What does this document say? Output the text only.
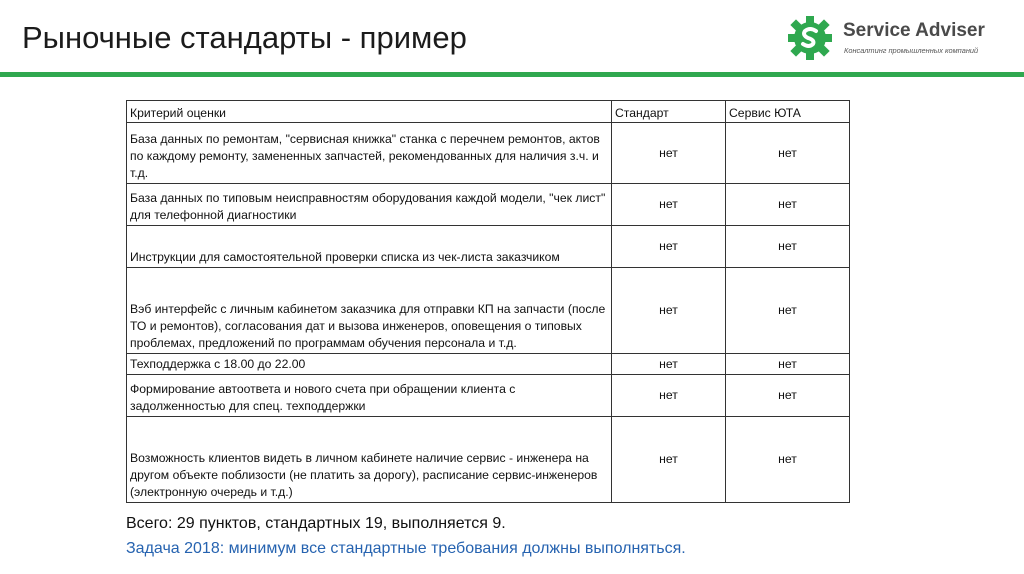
Рыночные стандарты - пример	Service Adviser
Консалтинг промышленных компаний
Критерий оценки	Стандарт	Сервис ЮТА
База данных по ремонтам, "сервисная книжка" станка с перечнем ремонтов, актов по каждому ремонту, замененных запчастей, рекомендованных для наличия з.ч. и т.д.	нет	нет
База данных по типовым неисправностям оборудования каждой модели, "чек лист" для телефонной диагностики	нет	нет
Инструкции для самостоятельной проверки списка из чек-листа заказчиком	нет	нет
Вэб интерфейс с личным кабинетом заказчика для отправки КП на запчасти (после ТО и ремонтов), согласования дат и вызова инженеров, оповещения о типовых проблемах, предложений по программам обучения персонала и т.д.	нет	нет
Техподдержка с 18.00 до 22.00	нет	нет
Формирование автоответа и нового счета при обращении клиента с задолженностью для спец. техподдержки	нет	нет
Возможность клиентов видеть в личном кабинете наличие сервис - инженера на другом объекте поблизости (не платить за дорогу), расписание сервис-инженеров (электронную очередь и т.д.)	нет	нет
Всего: 29 пунктов, стандартных 19, выполняется 9.
Задача 2018: минимум все стандартные требования должны выполняться.
